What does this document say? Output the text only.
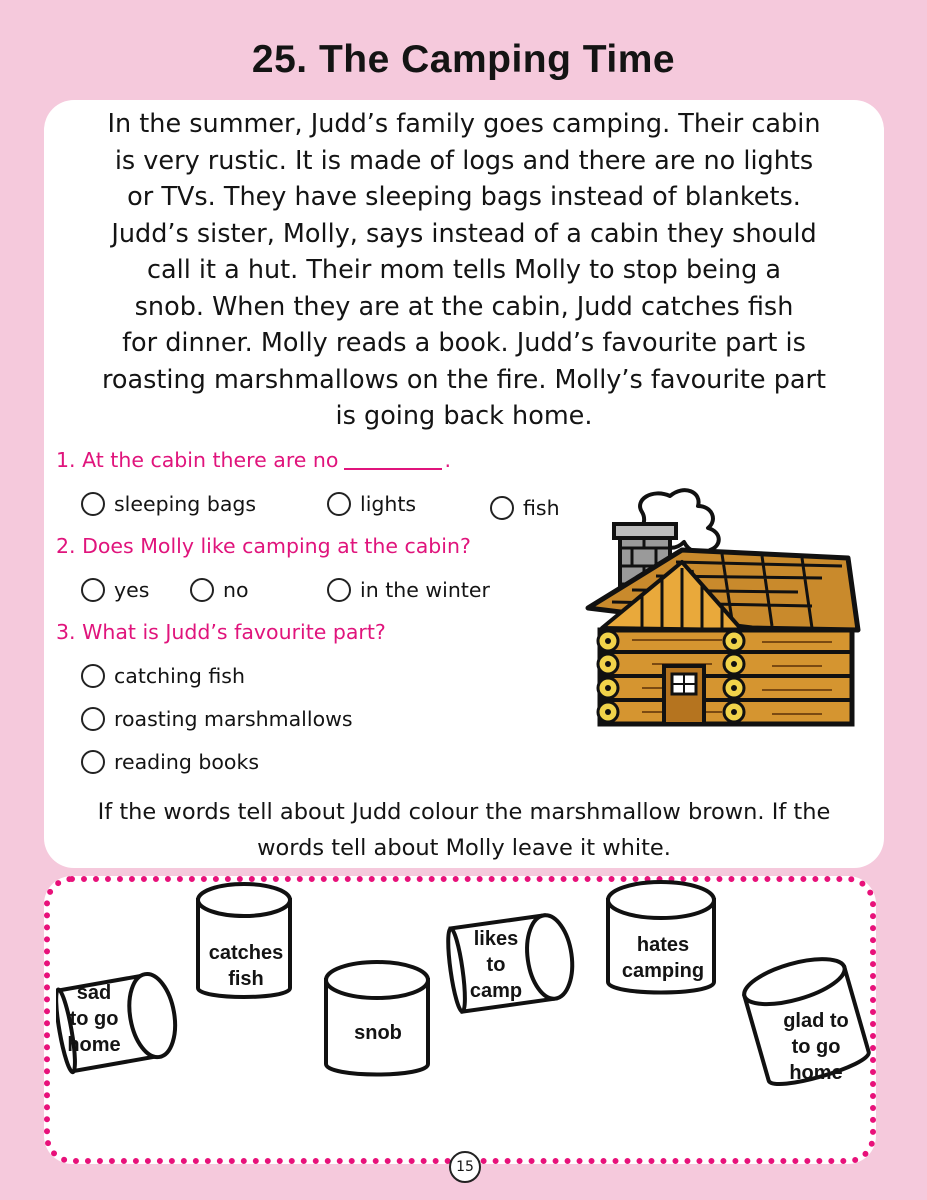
25. The Camping Time
In the summer, Judd’s family goes camping. Their cabin
is very rustic. It is made of logs and there are no lights
or TVs. They have sleeping bags instead of blankets.
Judd’s sister, Molly, says instead of a cabin they should
call it a hut. Their mom tells Molly to stop being a
snob. When they are at the cabin, Judd catches fish
for dinner. Molly reads a book. Judd’s favourite part is
roasting marshmallows on the fire. Molly’s favourite part
is going back home.
1. At the cabin there are no	.
sleeping bags	lights	fish
2. Does Molly like camping at the cabin?
yes	no	in the winter
3. What is Judd’s favourite part?
catching fish
roasting marshmallows
reading books
If the words tell about Judd colour the marshmallow brown. If the
words tell about Molly leave it white.
sad
to go
home
catches
fish
snob
likes
to
camp
hates
camping
glad to
to go
home
15
